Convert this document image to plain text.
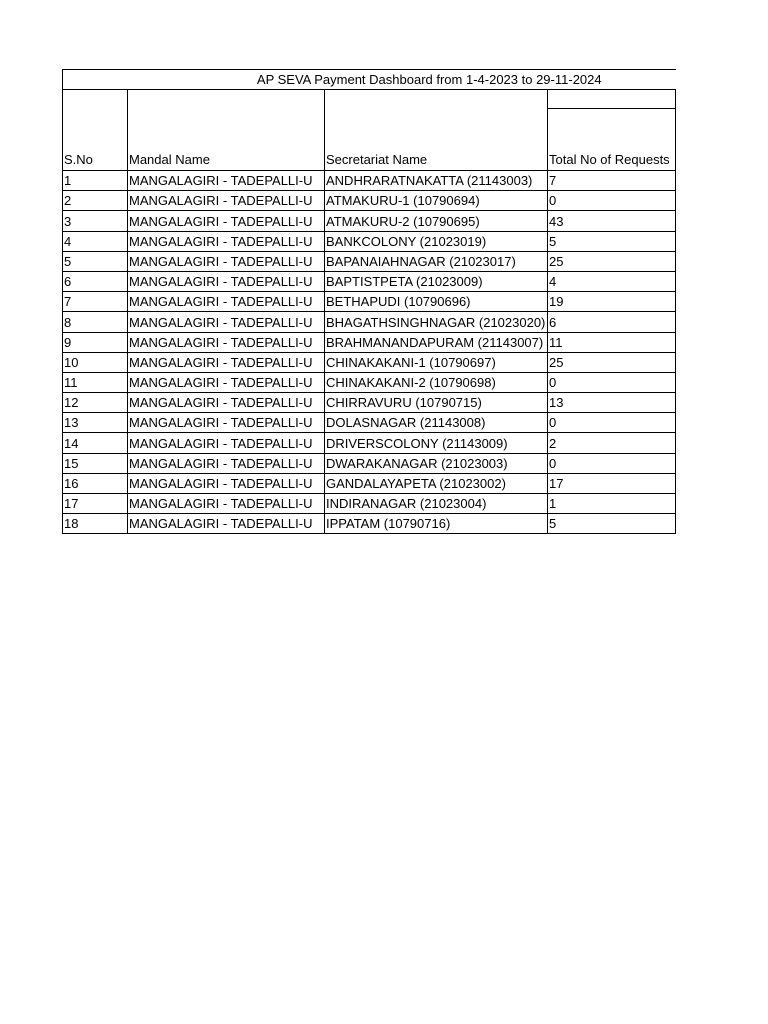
AP SEVA Payment Dashboard from 1-4-2023 to 29-11-2024			
S.No	Mandal Name	Secretariat Name	Total No of Requests

1	MANGALAGIRI - TADEPALLI-U	ANDHRARATNAKATTA (21143003)	7
2	MANGALAGIRI - TADEPALLI-U	ATMAKURU-1 (10790694)	0
3	MANGALAGIRI - TADEPALLI-U	ATMAKURU-2 (10790695)	43
4	MANGALAGIRI - TADEPALLI-U	BANKCOLONY (21023019)	5
5	MANGALAGIRI - TADEPALLI-U	BAPANAIAHNAGAR (21023017)	25
6	MANGALAGIRI - TADEPALLI-U	BAPTISTPETA (21023009)	4
7	MANGALAGIRI - TADEPALLI-U	BETHAPUDI (10790696)	19
8	MANGALAGIRI - TADEPALLI-U	BHAGATHSINGHNAGAR (21023020)	6
9	MANGALAGIRI - TADEPALLI-U	BRAHMANANDAPURAM (21143007)	11
10	MANGALAGIRI - TADEPALLI-U	CHINAKAKANI-1 (10790697)	25
11	MANGALAGIRI - TADEPALLI-U	CHINAKAKANI-2 (10790698)	0
12	MANGALAGIRI - TADEPALLI-U	CHIRRAVURU (10790715)	13
13	MANGALAGIRI - TADEPALLI-U	DOLASNAGAR (21143008)	0
14	MANGALAGIRI - TADEPALLI-U	DRIVERSCOLONY (21143009)	2
15	MANGALAGIRI - TADEPALLI-U	DWARAKANAGAR (21023003)	0
16	MANGALAGIRI - TADEPALLI-U	GANDALAYAPETA (21023002)	17
17	MANGALAGIRI - TADEPALLI-U	INDIRANAGAR (21023004)	1
18	MANGALAGIRI - TADEPALLI-U	IPPATAM (10790716)	5
